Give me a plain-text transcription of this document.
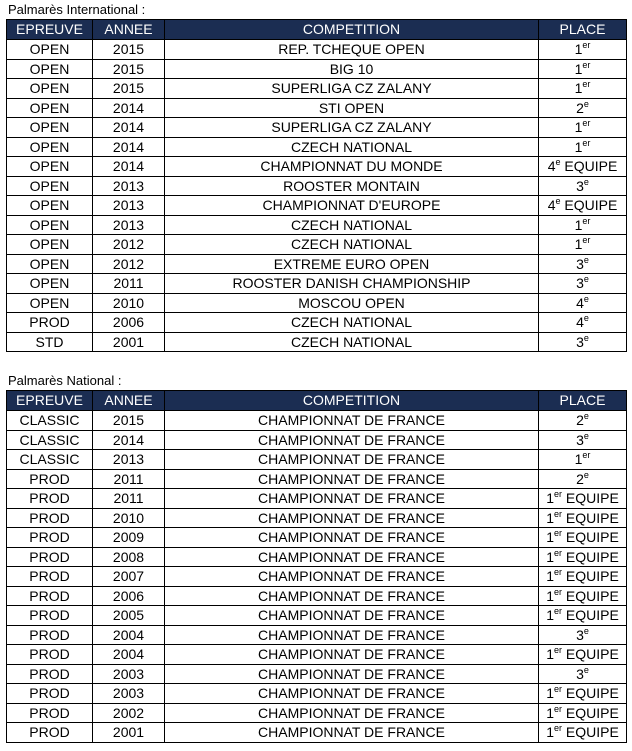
Palmarès International :
EPREUVE	ANNEE	COMPETITION	PLACE
OPEN	2015	REP. TCHEQUE OPEN	1er
OPEN	2015	BIG 10	1er
OPEN	2015	SUPERLIGA CZ ZALANY	1er
OPEN	2014	STI OPEN	2e
OPEN	2014	SUPERLIGA CZ ZALANY	1er
OPEN	2014	CZECH NATIONAL	1er
OPEN	2014	CHAMPIONNAT DU MONDE	4e EQUIPE
OPEN	2013	ROOSTER MONTAIN	3e
OPEN	2013	CHAMPIONNAT D'EUROPE	4e EQUIPE
OPEN	2013	CZECH NATIONAL	1er
OPEN	2012	CZECH NATIONAL	1er
OPEN	2012	EXTREME EURO OPEN	3e
OPEN	2011	ROOSTER DANISH CHAMPIONSHIP	3e
OPEN	2010	MOSCOU OPEN	4e
PROD	2006	CZECH NATIONAL	4e
STD	2001	CZECH NATIONAL	3e
Palmarès National :
EPREUVE	ANNEE	COMPETITION	PLACE
CLASSIC	2015	CHAMPIONNAT DE FRANCE	2e
CLASSIC	2014	CHAMPIONNAT DE FRANCE	3e
CLASSIC	2013	CHAMPIONNAT DE FRANCE	1er
PROD	2011	CHAMPIONNAT DE FRANCE	2e
PROD	2011	CHAMPIONNAT DE FRANCE	1er EQUIPE
PROD	2010	CHAMPIONNAT DE FRANCE	1er EQUIPE
PROD	2009	CHAMPIONNAT DE FRANCE	1er EQUIPE
PROD	2008	CHAMPIONNAT DE FRANCE	1er EQUIPE
PROD	2007	CHAMPIONNAT DE FRANCE	1er EQUIPE
PROD	2006	CHAMPIONNAT DE FRANCE	1er EQUIPE
PROD	2005	CHAMPIONNAT DE FRANCE	1er EQUIPE
PROD	2004	CHAMPIONNAT DE FRANCE	3e
PROD	2004	CHAMPIONNAT DE FRANCE	1er EQUIPE
PROD	2003	CHAMPIONNAT DE FRANCE	3e
PROD	2003	CHAMPIONNAT DE FRANCE	1er EQUIPE
PROD	2002	CHAMPIONNAT DE FRANCE	1er EQUIPE
PROD	2001	CHAMPIONNAT DE FRANCE	1er EQUIPE
